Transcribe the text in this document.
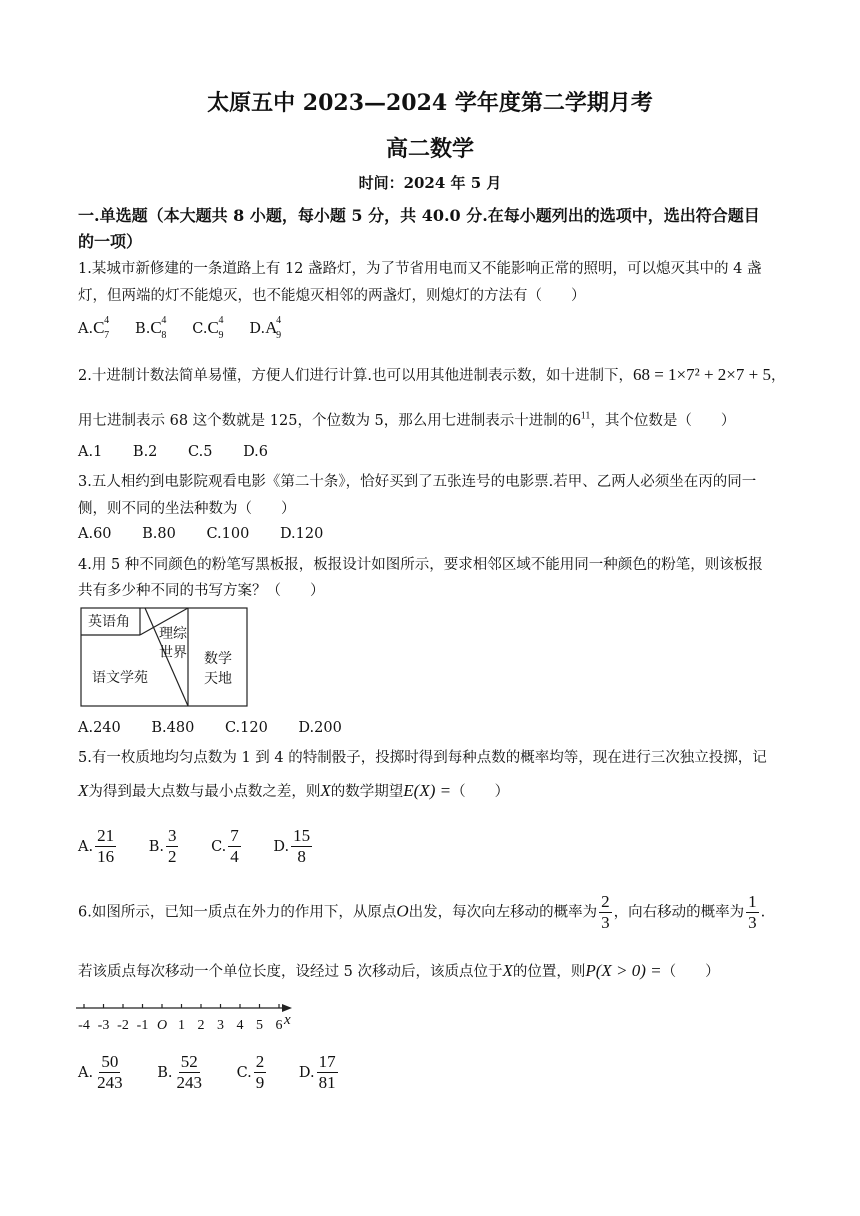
太原五中 2023—2024 学年度第二学期月考
高二数学
时间：2024 年 5 月
一.单选题（本大题共 8 小题，每小题 5 分，共 40.0 分.在每小题列出的选项中，选出符合题目
的一项）
1.某城市新修建的一条道路上有 12 盏路灯，为了节省用电而又不能影响正常的照明，可以熄灭其中的 4 盏
灯，但两端的灯不能熄灭，也不能熄灭相邻的两盏灯，则熄灯的方法有（　　）
A.C 4
7 B.C 4
8 C.C 4
9 D.A
4
9
2.十进制计数法简单易懂，方便人们进行计算.也可以用其他进制表示数，如十进制下，68 = 1×7² + 2×7 + 5，
用七进制表示 68 这个数就是 125，个位数为 5，那么用七进制表示十进制的$6^{11}$，其个位数是（　　）
A.1 B.2 C.5 D.6
3.五人相约到电影院观看电影《第二十条》，恰好买到了五张连号的电影票.若甲、乙两人必须坐在丙的同一
侧，则不同的坐法种数为（　　）
A.60 B.80 C.100 D.120
4.用 5 种不同颜色的粉笔写黑板报，板报设计如图所示，要求相邻区域不能用同一种颜色的粉笔，则该板报
共有多少种不同的书写方案？（　　）
英语角
理综
世界
语文学苑
数学
天地
A.240 B.480 C.120 D.200
5.有一枚质地均匀点数为 1 到 4 的特制骰子，投掷时得到每种点数的概率均等，现在进行三次独立投掷，记
X为得到最大点数与最小点数之差，则X的数学期望E(X) =（　　）
A. $\frac{21}{16} B$. $\frac{3}{2} C$. $\frac{7}{4} D$. $\frac{15}{8}$
6.如图所示，已知一质点在外力的作用下，从原点O出发，每次向左移动的概率为 $\frac{2}{3}$ ，向右移动的概率为 $\frac{1}{3}$ .
若该质点每次移动一个单位长度，设经过 5 次移动后，该质点位于X的位置，则P(X > 0) =（　　）
-4 -3 -2 -1 O 1 2 3 4 5 6 x
A. $\frac{50}{243} B$. $\frac{52}{243} C$. $\frac{2}{9} D$. $\frac{17}{81}$
